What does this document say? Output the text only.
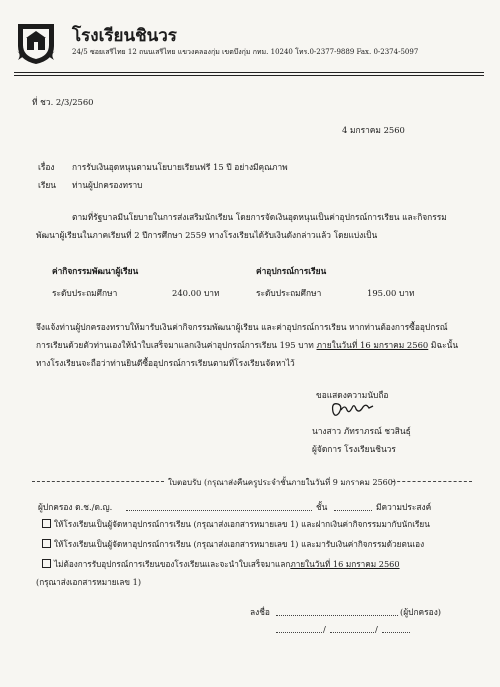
โรงเรียนชินวร
24/5 ซอยเสรีไทย 12 ถนนเสรีไทย แขวงคลองกุ่ม เขตบึงกุ่ม กทม. 10240 โทร.0-2377-9889 Fax. 0-2374-5097
ที่ ชว. 2/3/2560
4 มกราคม 2560
เรื่อง การรับเงินอุดหนุนตามนโยบายเรียนฟรี 15 ปี อย่างมีคุณภาพ
เรียน ท่านผู้ปกครองทราบ
ตามที่รัฐบาลมีนโยบายในการส่งเสริมนักเรียน โดยการจัดเงินอุดหนุนเป็นค่าอุปกรณ์การเรียน และกิจกรรม
พัฒนาผู้เรียนในภาคเรียนที่ 2 ปีการศึกษา 2559 ทางโรงเรียนได้รับเงินดังกล่าวแล้ว โดยแบ่งเป็น
ค่ากิจกรรมพัฒนาผู้เรียน
ระดับประถมศึกษา	240.00 บาท
ค่าอุปกรณ์การเรียน
ระดับประถมศึกษา	195.00 บาท
จึงแจ้งท่านผู้ปกครองทราบให้มารับเงินค่ากิจกรรมพัฒนาผู้เรียน และค่าอุปกรณ์การเรียน หากท่านต้องการซื้ออุปกรณ์
การเรียนด้วยตัวท่านเองให้นำใบเสร็จมาแลกเงินค่าอุปกรณ์การเรียน 195 บาท ภายในวันที่ 16 มกราคม 2560 มิฉะนั้น
ทางโรงเรียนจะถือว่าท่านยินดีซื้ออุปกรณ์การเรียนตามที่โรงเรียนจัดหาไว้
ขอแสดงความนับถือ
นางสาว ภัทราภรณ์ ชวสินธุ์
ผู้จัดการ โรงเรียนชินวร
ใบตอบรับ (กรุณาส่งคืนครูประจำชั้นภายในวันที่ 9 มกราคม 2560)
ผู้ปกครอง ด.ช./ด.ญ.	ชั้น	มีความประสงค์
ให้โรงเรียนเป็นผู้จัดหาอุปกรณ์การเรียน (กรุณาส่งเอกสารหมายเลข 1) และฝากเงินค่ากิจกรรมมากับนักเรียน
ให้โรงเรียนเป็นผู้จัดหาอุปกรณ์การเรียน (กรุณาส่งเอกสารหมายเลข 1) และมารับเงินค่ากิจกรรมด้วยตนเอง
ไม่ต้องการรับอุปกรณ์การเรียนของโรงเรียนและจะนำใบเสร็จมาแลกภายในวันที่ 16 มกราคม 2560
(กรุณาส่งเอกสารหมายเลข 1)
ลงชื่อ	(ผู้ปกครอง)
/	/
